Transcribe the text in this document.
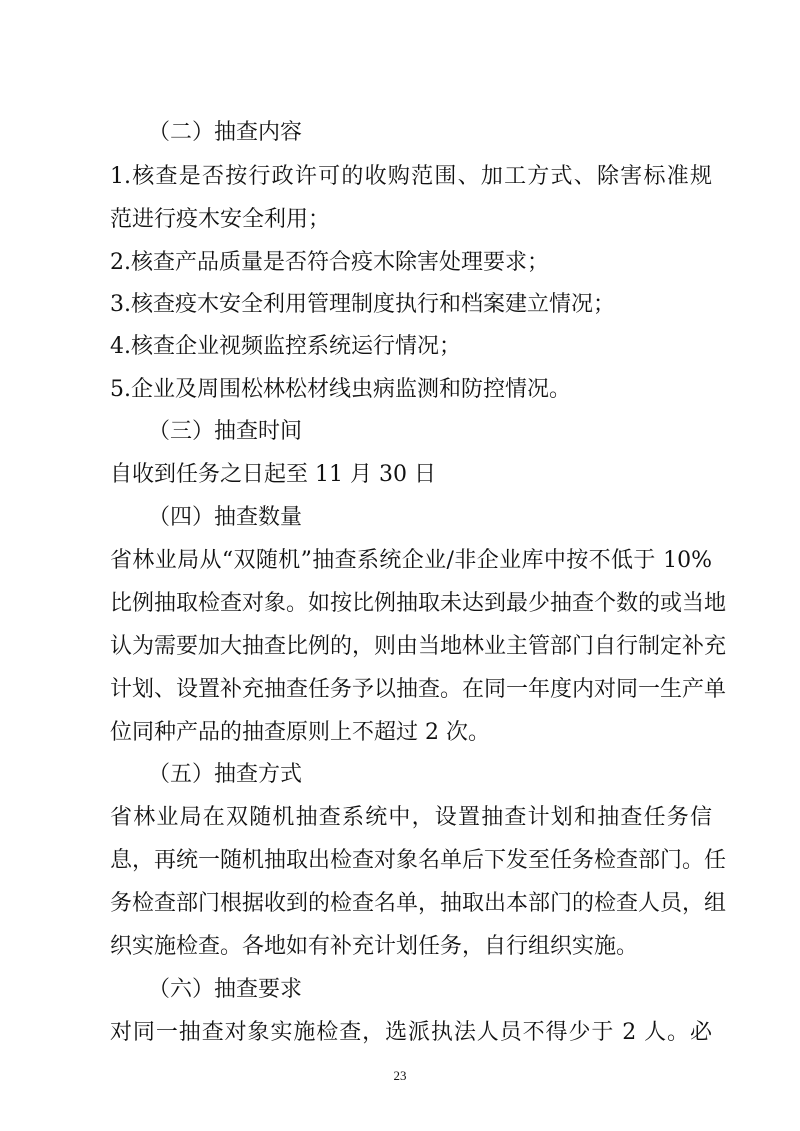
（二）抽查内容
1.核查是否按行政许可的收购范围、加工方式、除害标准规
范进行疫木安全利用；
2.核查产品质量是否符合疫木除害处理要求；
3.核查疫木安全利用管理制度执行和档案建立情况；
4.核查企业视频监控系统运行情况；
5.企业及周围松林松材线虫病监测和防控情况。
（三）抽查时间
自收到任务之日起至 11 月 30 日
（四）抽查数量
省林业局从“双随机”抽查系统企业/非企业库中按不低于 10%
比例抽取检查对象。如按比例抽取未达到最少抽查个数的或当地
认为需要加大抽查比例的，则由当地林业主管部门自行制定补充
计划、设置补充抽查任务予以抽查。在同一年度内对同一生产单
位同种产品的抽查原则上不超过 2 次。
（五）抽查方式
省林业局在双随机抽查系统中，设置抽查计划和抽查任务信
息，再统一随机抽取出检查对象名单后下发至任务检查部门。任
务检查部门根据收到的检查名单，抽取出本部门的检查人员，组
织实施检查。各地如有补充计划任务，自行组织实施。
（六）抽查要求
对同一抽查对象实施检查，选派执法人员不得少于 2 人。必
23
